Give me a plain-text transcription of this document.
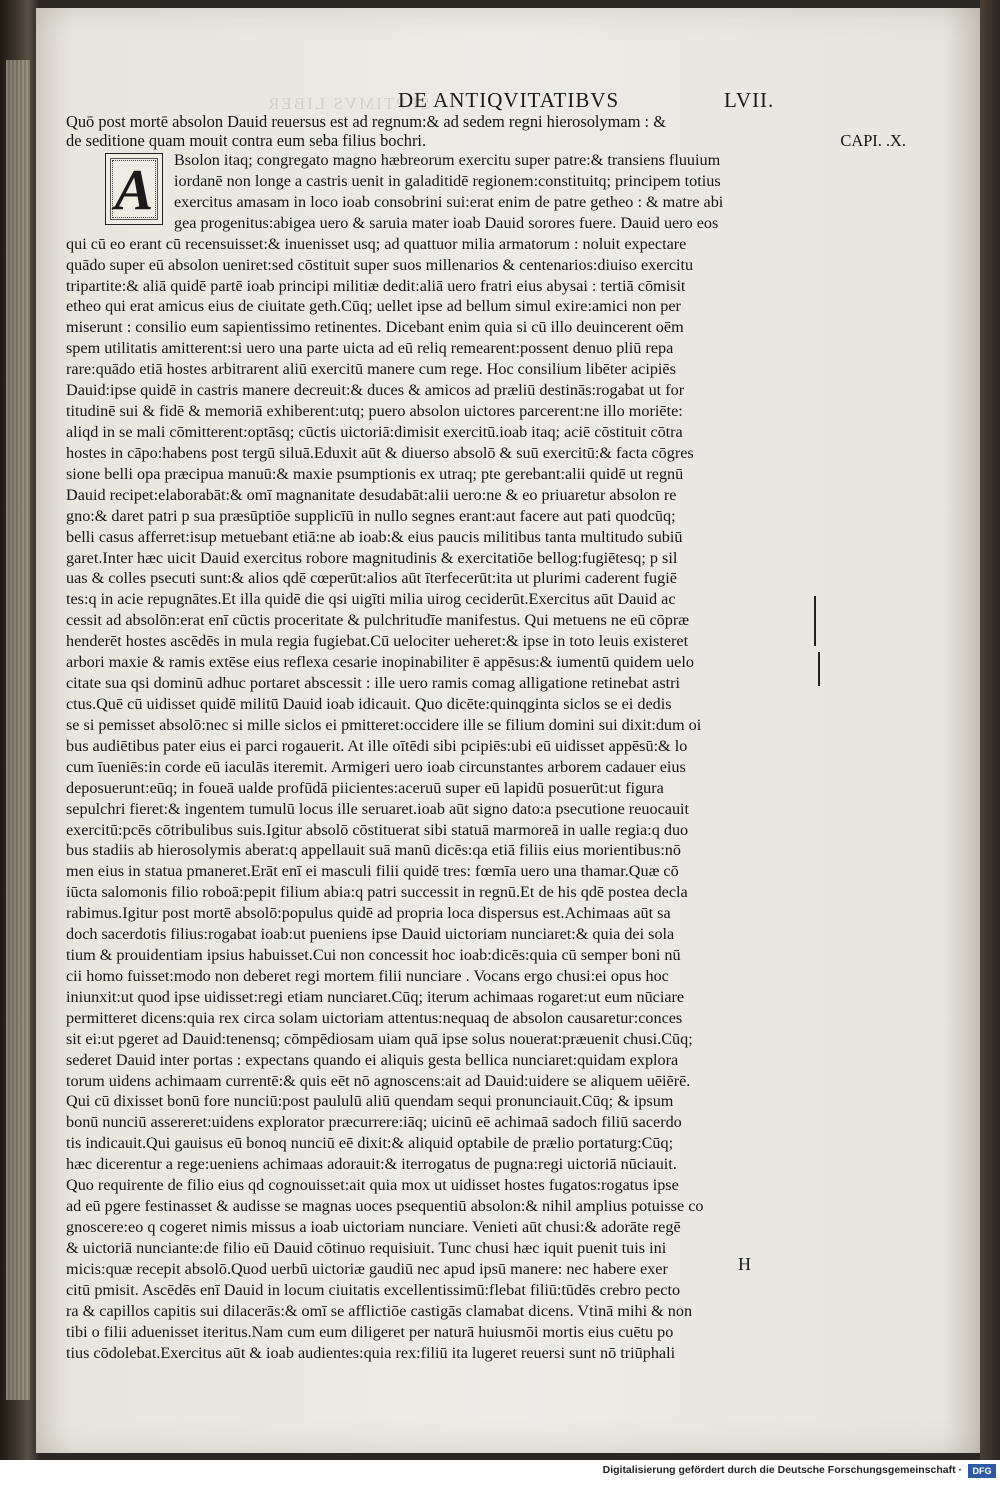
SEPTIMVS LIBER
DE ANTIQVITATIBVS	LVII.
Quō post mortē absolon Dauid reuersus est ad regnum:& ad sedem regni hierosolymam : &
de seditione quam mouit contra eum seba filius bochri.	CAPI. .X.
Bsolon itaq; congregato magno hæbreorum exercitu super patre:& transiens fluuium
iordanē non longe a castris uenit in galaditidē regionem:constituitq; principem totius
exercitus amasam in loco ioab consobrini sui:erat enim de patre getheo : & matre abi
gea progenitus:abigea uero & saruia mater ioab Dauid sorores fuere. Dauid uero eos
qui cū eo erant cū recensuisset:& inuenisset usq; ad quattuor milia armatorum : noluit expectare
quādo super eū absolon ueniret:sed cōstituit super suos millenarios & centenarios:diuiso exercitu
tripartite:& aliā quidē partē ioab principi militiæ dedit:aliā uero fratri eius abysai : tertiā cōmisit
etheo qui erat amicus eius de ciuitate geth.Cūq; uellet ipse ad bellum simul exire:amici non per
miserunt : consilio eum sapientissimo retinentes. Dicebant enim quia si cū illo deuincerent oēm
spem utilitatis amitterent:si uero una parte uicta ad eū reliq remearent:possent denuo pliū repa
rare:quādo etiā hostes arbitrarent aliū exercitū manere cum rege. Hoc consilium libēter acipiēs
Dauid:ipse quidē in castris manere decreuit:& duces & amicos ad præliū destinās:rogabat ut for
titudinē sui & fidē & memoriā exhiberent:utq; puero absolon uictores parcerent:ne illo moriēte:
aliqd in se mali cōmitterent:optāsq; cūctis uictoriā:dimisit exercitū.ioab itaq; aciē cōstituit cōtra
hostes in cāpo:habens post tergū siluā.Eduxit aūt & diuerso absolō & suū exercitū:& facta cōgres
sione belli opa præcipua manuū:& maxie psumptionis ex utraq; pte gerebant:alii quidē ut regnū
Dauid recipet:elaborabāt:& omī magnanitate desudabāt:alii uero:ne & eo priuaretur absolon re
gno:& daret patri p sua præsūptiōe supplicīū in nullo segnes erant:aut facere aut pati quodcūq;
belli casus afferret:isup metuebant etiā:ne ab ioab:& eius paucis militibus tanta multitudo subiū
garet.Inter hæc uicit Dauid exercitus robore magnitudinis & exercitatiōe bellog:fugiētesq; p sil
uas & colles psecuti sunt:& alios qdē cœperūt:alios aūt īterfecerūt:ita ut plurimi caderent fugiē
tes:q in acie repugnātes.Et illa quidē die qsi uigīti milia uirog ceciderūt.Exercitus aūt Dauid ac
cessit ad absolōn:erat enī cūctis proceritate & pulchritudīe manifestus. Qui metuens ne eū cōpræ
henderēt hostes ascēdēs in mula regia fugiebat.Cū uelociter ueheret:& ipse in toto leuis existeret
arbori maxie & ramis extēse eius reflexa cesarie inopinabiliter ē appēsus:& iumentū quidem uelo
citate sua qsi dominū adhuc portaret abscessit : ille uero ramis comag alligatione retinebat astri
ctus.Quē cū uidisset quidē militū Dauid ioab idicauit. Quo dicēte:quinqginta siclos se ei dedis
se si pemisset absolō:nec si mille siclos ei pmitteret:occidere ille se filium domini sui dixit:dum oi
bus audiētibus pater eius ei parci rogauerit. At ille oītēdi sibi pcipiēs:ubi eū uidisset appēsū:& lo
cum īueniēs:in corde eū iaculās iteremit. Armigeri uero ioab circunstantes arborem cadauer eius
deposuerunt:eūq; in foueā ualde profūdā piicientes:aceruū super eū lapidū posuerūt:ut figura
sepulchri fieret:& ingentem tumulū locus ille seruaret.ioab aūt signo dato:a psecutione reuocauit
exercitū:pcēs cōtribulibus suis.Igitur absolō cōstituerat sibi statuā marmoreā in ualle regia:q duo
bus stadiis ab hierosolymis aberat:q appellauit suā manū dicēs:qa etiā filiis eius morientibus:nō
men eius in statua pmaneret.Erāt enī ei masculi filii quidē tres: fœmīa uero una thamar.Quæ cō
iūcta salomonis filio roboā:pepit filium abia:q patri successit in regnū.Et de his qdē postea decla
rabimus.Igitur post mortē absolō:populus quidē ad propria loca dispersus est.Achimaas aūt sa
doch sacerdotis filius:rogabat ioab:ut pueniens ipse Dauid uictoriam nunciaret:& quia dei sola
tium & prouidentiam ipsius habuisset.Cui non concessit hoc ioab:dicēs:quia cū semper boni nū
cii homo fuisset:modo non deberet regi mortem filii nunciare . Vocans ergo chusi:ei opus hoc
iniunxit:ut quod ipse uidisset:regi etiam nunciaret.Cūq; iterum achimaas rogaret:ut eum nūciare
permitteret dicens:quia rex circa solam uictoriam attentus:nequaq de absolon causaretur:conces
sit ei:ut pgeret ad Dauid:tenensq; cōmpēdiosam uiam quā ipse solus nouerat:præuenit chusi.Cūq;
sederet Dauid inter portas : expectans quando ei aliquis gesta bellica nunciaret:quidam explora
torum uidens achimaam currentē:& quis eēt nō agnoscens:ait ad Dauid:uidere se aliquem uēiērē.
Qui cū dixisset bonū fore nunciū:post paululū aliū quendam sequi pronunciauit.Cūq; & ipsum
bonū nunciū assereret:uidens explorator præcurrere:iāq; uicinū eē achimaā sadoch filiū sacerdo
tis indicauit.Qui gauisus eū bonoq nunciū eē dixit:& aliquid optabile de prælio portaturg:Cūq;
hæc dicerentur a rege:ueniens achimaas adorauit:& iterrogatus de pugna:regi uictoriā nūciauit.
Quo requirente de filio eius qd cognouisset:ait quia mox ut uidisset hostes fugatos:rogatus ipse
ad eū pgere festinasset & audisse se magnas uoces psequentiū absolon:& nihil amplius potuisse co
gnoscere:eo q cogeret nimis missus a ioab uictoriam nunciare. Venieti aūt chusi:& adorāte regē
& uictoriā nunciante:de filio eū Dauid cōtinuo requisiuit. Tunc chusi hæc iquit puenit tuis ini
micis:quæ recepit absolō.Quod uerbū uictoriæ gaudiū nec apud ipsū manere: nec habere exer
citū pmisit. Ascēdēs enī Dauid in locum ciuitatis excellentissimū:flebat filiū:tūdēs crebro pecto
ra & capillos capitis sui dilacerās:& omī se afflictiōe castigās clamabat dicens. Vtinā mihi & non
tibi o filii aduenisset iteritus.Nam cum eum diligeret per naturā huiusmōi mortis eius cuētu po
tius cōdolebat.Exercitus aūt & ioab audientes:quia rex:filiū ita lugeret reuersi sunt nō triūphali
A
H
Digitalisierung gefördert durch die Deutsche Forschungsgemeinschaft ·	DFG
